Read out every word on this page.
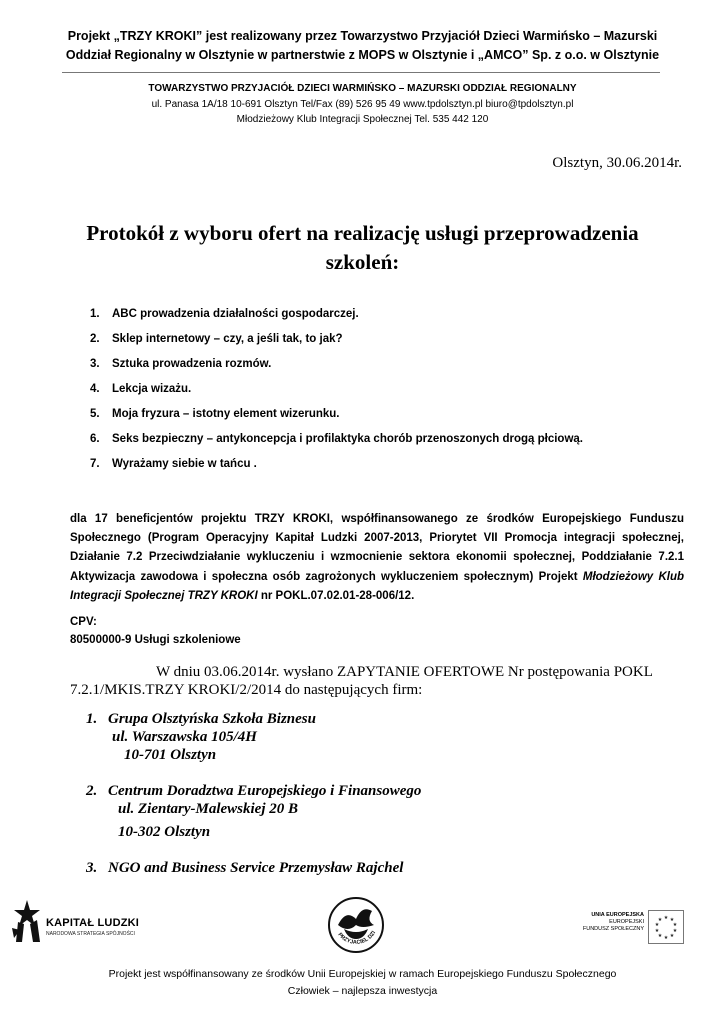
Projekt „TRZY KROKI” jest realizowany przez Towarzystwo Przyjaciół Dzieci Warmińsko – Mazurski
Oddział Regionalny w Olsztynie w partnerstwie z MOPS w Olsztynie i „AMCO” Sp. z o.o. w Olsztynie
TOWARZYSTWO PRZYJACIÓŁ DZIECI WARMIŃSKO – MAZURSKI ODDZIAŁ REGIONALNY
ul. Panasa 1A/18 10-691 Olsztyn Tel/Fax (89) 526 95 49 www.tpdolsztyn.pl biuro@tpdolsztyn.pl
Młodzieżowy Klub Integracji Społecznej Tel. 535 442 120
Olsztyn, 30.06.2014r.
Protokół z wyboru ofert na realizację usługi przeprowadzenia
szkoleń:
1. ABC prowadzenia działalności gospodarczej.
2. Sklep internetowy – czy, a jeśli tak, to jak?
3. Sztuka prowadzenia rozmów.
4. Lekcja wizażu.
5. Moja fryzura – istotny element wizerunku.
6. Seks bezpieczny – antykoncepcja i profilaktyka chorób przenoszonych drogą płciową.
7. Wyrażamy siebie w tańcu .
dla 17 beneficjentów projektu TRZY KROKI, współfinansowanego ze środków Europejskiego Funduszu Społecznego (Program Operacyjny Kapitał Ludzki 2007-2013, Priorytet VII Promocja integracji społecznej, Działanie 7.2 Przeciwdziałanie wykluczeniu i wzmocnienie sektora ekonomii społecznej, Poddziałanie 7.2.1 Aktywizacja zawodowa i społeczna osób zagrożonych wykluczeniem społecznym) Projekt Młodzieżowy Klub Integracji Społecznej TRZY KROKI nr POKL.07.02.01-28-006/12.
CPV:
80500000-9 Usługi szkoleniowe
W dniu 03.06.2014r. wysłano ZAPYTANIE OFERTOWE Nr postępowania POKL
7.2.1/MKIS.TRZY KROKI/2/2014 do następujących firm:
1. Grupa Olsztyńska Szkoła Biznesu
ul. Warszawska 105/4H
10-701 Olsztyn
2. Centrum Doradztwa Europejskiego i Finansowego
ul. Zientary-Malewskiej 20 B
10-302 Olsztyn
3. NGO and Business Service Przemysław Rajchel
KAPITAŁ LUDZKI
NARODOWA STRATEGIA SPÓJNOŚCI	PRZYJACIEL DZI
UNIA EUROPEJSKA
EUROPEJSKI
FUNDUSZ SPOŁECZNY
★ ★
★
★
★
★
★
★
★
★
Projekt jest współfinansowany ze środków Unii Europejskiej w ramach Europejskiego Funduszu Społecznego
Człowiek – najlepsza inwestycja
